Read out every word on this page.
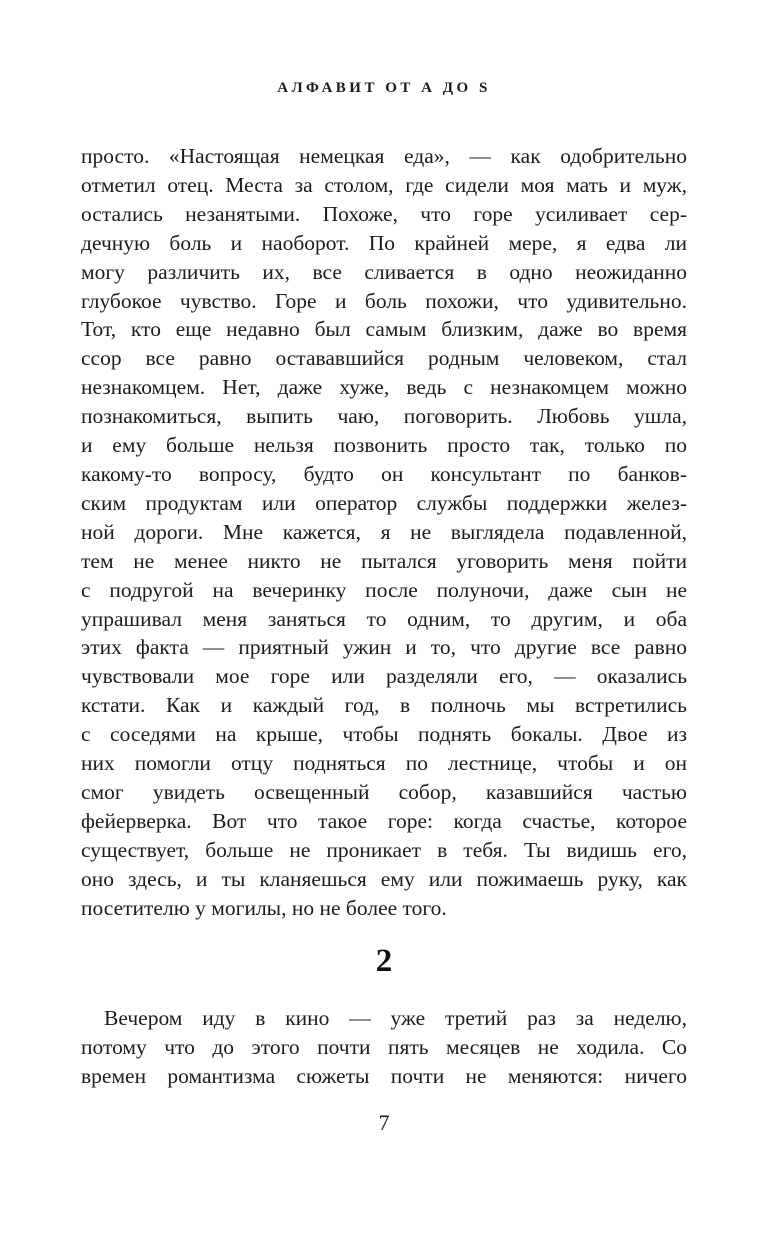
АЛФАВИТ ОТ А ДО S
просто. «Настоящая немецкая еда», — как одобрительно
отметил отец. Места за столом, где сидели моя мать и муж,
остались незанятыми. Похоже, что горе усиливает сер-
дечную боль и наоборот. По крайней мере, я едва ли
могу различить их, все сливается в одно неожиданно
глубокое чувство. Горе и боль похожи, что удивительно.
Тот, кто еще недавно был самым близким, даже во время
ссор все равно остававшийся родным человеком, стал
незнакомцем. Нет, даже хуже, ведь с незнакомцем можно
познакомиться, выпить чаю, поговорить. Любовь ушла,
и ему больше нельзя позвонить просто так, только по
какому-то вопросу, будто он консультант по банков-
ским продуктам или оператор службы поддержки желез-
ной дороги. Мне кажется, я не выглядела подавленной,
тем не менее никто не пытался уговорить меня пойти
с подругой на вечеринку после полуночи, даже сын не
упрашивал меня заняться то одним, то другим, и оба
этих факта — приятный ужин и то, что другие все равно
чувствовали мое горе или разделяли его, — оказались
кстати. Как и каждый год, в полночь мы встретились
с соседями на крыше, чтобы поднять бокалы. Двое из
них помогли отцу подняться по лестнице, чтобы и он
смог увидеть освещенный собор, казавшийся частью
фейерверка. Вот что такое горе: когда счастье, которое
существует, больше не проникает в тебя. Ты видишь его,
оно здесь, и ты кланяешься ему или пожимаешь руку, как
посетителю у могилы, но не более того.
2
Вечером иду в кино — уже третий раз за неделю,
потому что до этого почти пять месяцев не ходила. Со
времен романтизма сюжеты почти не меняются: ничего
7
